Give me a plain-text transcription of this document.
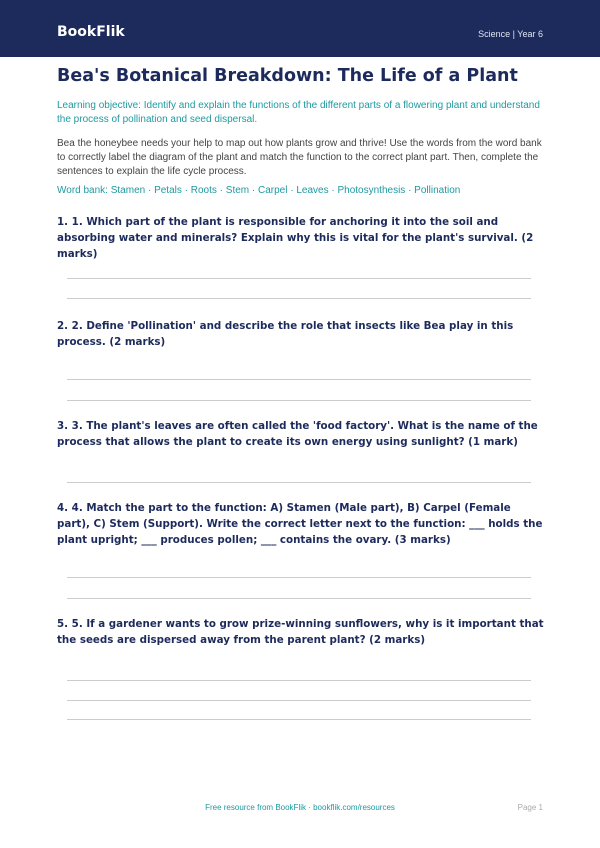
BookFlik	Science | Year 6
Bea's Botanical Breakdown: The Life of a Plant

Learning objective: Identify and explain the functions of the different parts of a flowering plant and understand the process of pollination and seed dispersal.

Bea the honeybee needs your help to map out how plants grow and thrive! Use the words from the word bank to correctly label the diagram of the plant and match the function to the correct plant part. Then, complete the sentences to explain the life cycle process.

Word bank: Stamen · Petals · Roots · Stem · Carpel · Leaves · Photosynthesis · Pollination

1. 1. Which part of the plant is responsible for anchoring it into the soil and absorbing water and minerals? Explain why this is vital for the plant's survival. (2 marks)

2. 2. Define 'Pollination' and describe the role that insects like Bea play in this process. (2 marks)

3. 3. The plant's leaves are often called the 'food factory'. What is the name of the process that allows the plant to create its own energy using sunlight? (1 mark)

4. 4. Match the part to the function: A) Stamen (Male part), B) Carpel (Female part), C) Stem (Support). Write the correct letter next to the function: ___ holds the plant upright; ___ produces pollen; ___ contains the ovary. (3 marks)

5. 5. If a gardener wants to grow prize-winning sunflowers, why is it important that the seeds are dispersed away from the parent plant? (2 marks)

Free resource from BookFlik · bookflik.com/resources	Page 1
